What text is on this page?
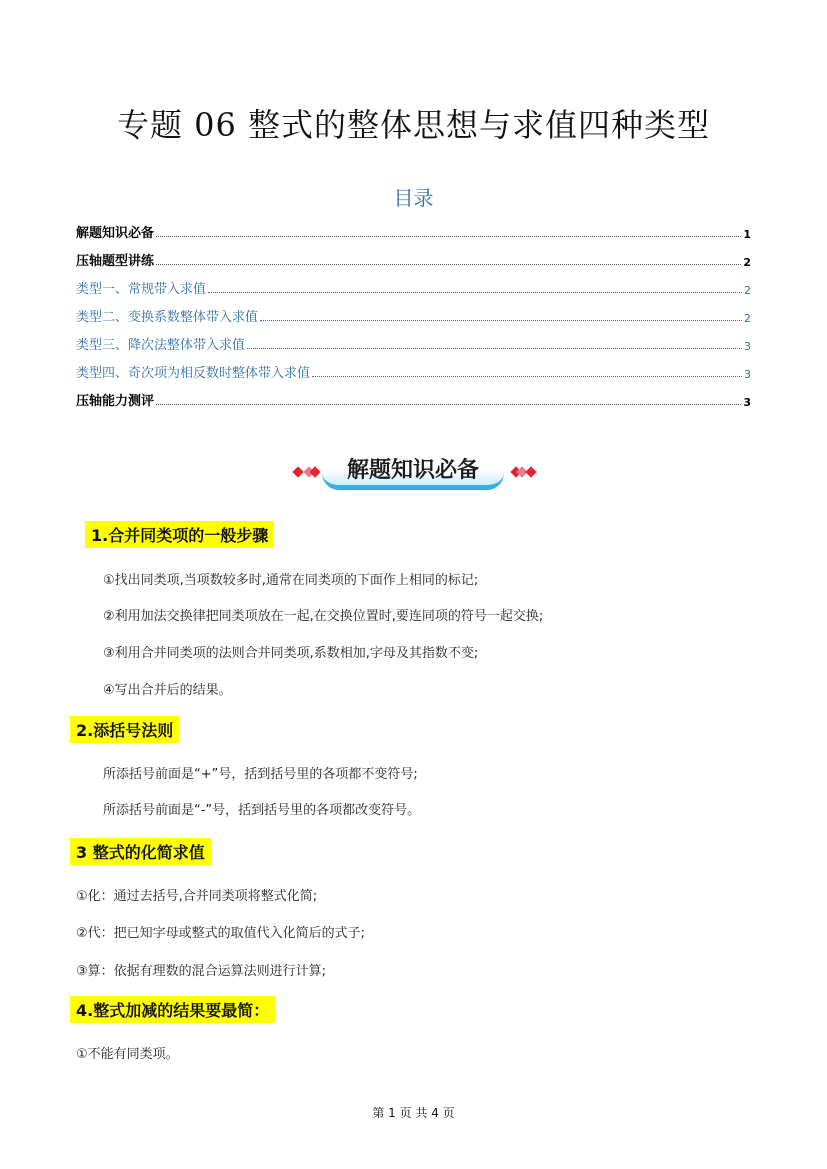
专题 06 整式的整体思想与求值四种类型
目录
解题知识必备	1
压轴题型讲练	2
类型一、常规带入求值	2
类型二、变换系数整体带入求值	2
类型三、降次法整体带入求值	3
类型四、奇次项为相反数时整体带入求值	3
压轴能力测评	3
解题知识必备
1.合并同类项的一般步骤
①找出同类项,当项数较多时,通常在同类项的下面作上相同的标记;
②利用加法交换律把同类项放在一起,在交换位置时,要连同项的符号一起交换;
③利用合并同类项的法则合并同类项,系数相加,字母及其指数不变;
④写出合并后的结果。
2.添括号法则
所添括号前面是“+”号，括到括号里的各项都不变符号;
所添括号前面是“-”号，括到括号里的各项都改变符号。
3 整式的化简求值
①化：通过去括号,合并同类项将整式化简;
②代：把已知字母或整式的取值代入化简后的式子;
③算：依据有理数的混合运算法则进行计算;
4.整式加减的结果要最简：
①不能有同类项。
第 1 页 共 4 页
